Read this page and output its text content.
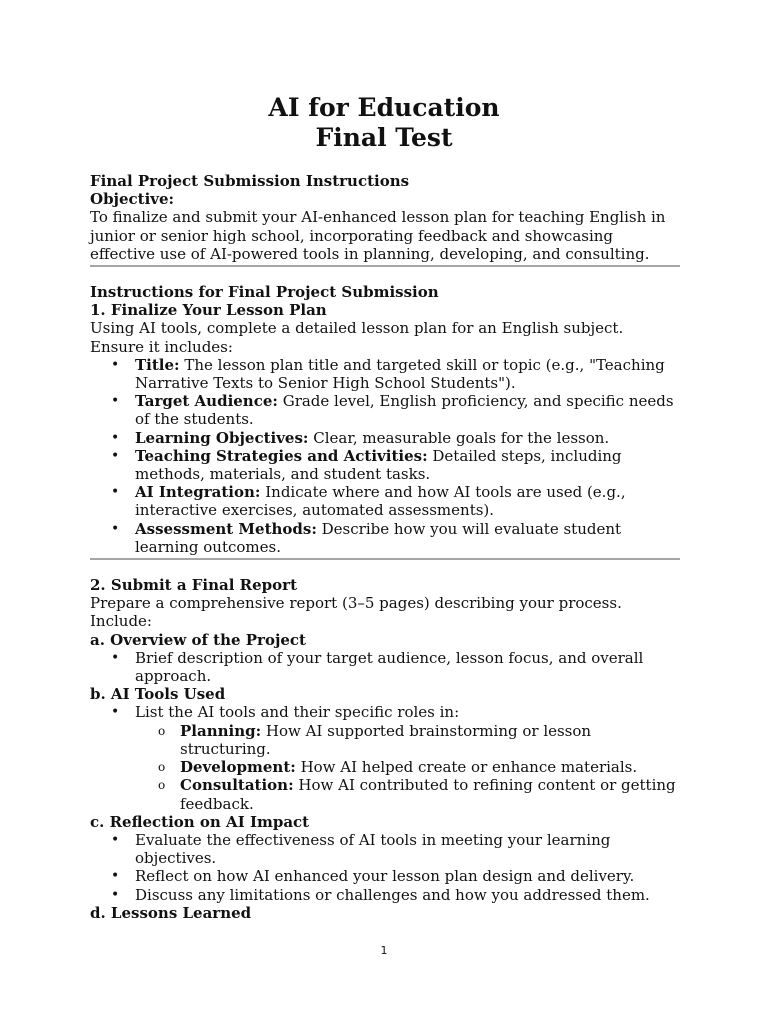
AI for Education
Final Test
Final Project Submission Instructions
Objective:

To finalize and submit your AI-enhanced lesson plan for teaching English in junior or senior high school, incorporating feedback and showcasing effective use of AI-powered tools in planning, developing, and consulting.

Instructions for Final Project Submission
1. Finalize Your Lesson Plan

Using AI tools, complete a detailed lesson plan for an English subject. Ensure it includes:

• Title: The lesson plan title and targeted skill or topic (e.g., "Teaching Narrative Texts to Senior High School Students").
• Target Audience: Grade level, English proficiency, and specific needs of the students.
• Learning Objectives: Clear, measurable goals for the lesson.
• Teaching Strategies and Activities: Detailed steps, including methods, materials, and student tasks.
• AI Integration: Indicate where and how AI tools are used (e.g., interactive exercises, automated assessments).
• Assessment Methods: Describe how you will evaluate student learning outcomes.
2. Submit a Final Report

Prepare a comprehensive report (3–5 pages) describing your process. Include:

a. Overview of the Project
• Brief description of your target audience, lesson focus, and overall approach.
b. AI Tools Used
• List the AI tools and their specific roles in:
o Planning: How AI supported brainstorming or lesson structuring.
o Development: How AI helped create or enhance materials.
o Consultation: How AI contributed to refining content or getting feedback.
c. Reflection on AI Impact
• Evaluate the effectiveness of AI tools in meeting your learning objectives.
• Reflect on how AI enhanced your lesson plan design and delivery.
• Discuss any limitations or challenges and how you addressed them.
d. Lessons Learned
1
